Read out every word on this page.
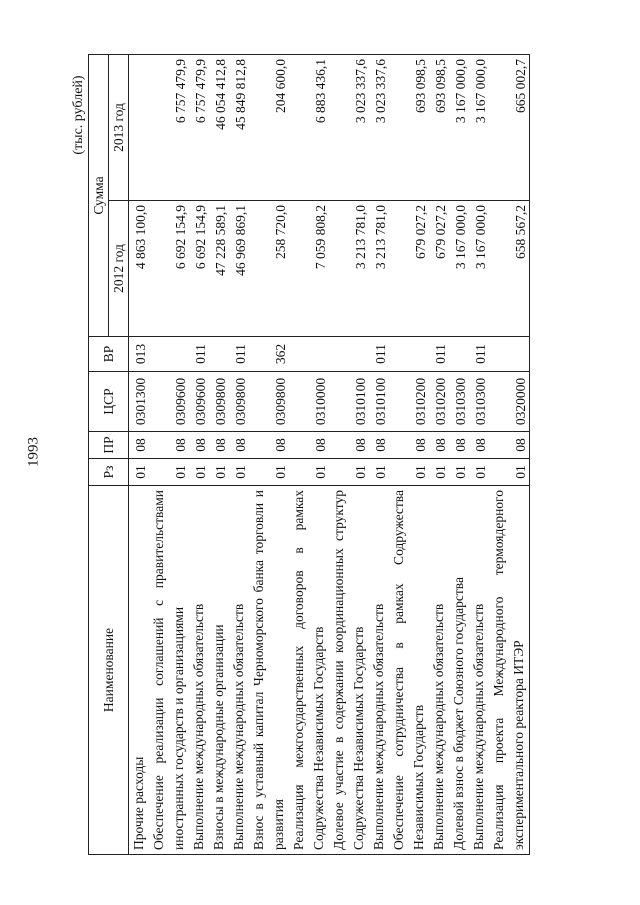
1993
(тыс. рублей)
Наименование	Рз	ПР	ЦСР	ВР	Сумма	
					2012 год	2013 год
Прочие расходы	01	08	0301300	013	4 863 100,0	
Обеспечение реализации соглашений с правительствами иностранных государств и организациями	01	08	0309600		6 692 154,9	6 757 479,9
Выполнение международных обязательств	01	08	0309600	011	6 692 154,9	6 757 479,9
Взносы в международные организации	01	08	0309800		47 228 589,1	46 054 412,8
Выполнение международных обязательств	01	08	0309800	011	46 969 869,1	45 849 812,8
Взнос в уставный капитал Черноморского банка торговли и развития	01	08	0309800	362	258 720,0	204 600,0
Реализация межгосударственных договоров в рамках Содружества Независимых Государств	01	08	0310000		7 059 808,2	6 883 436,1
Долевое участие в содержании координационных структур Содружества Независимых Государств	01	08	0310100		3 213 781,0	3 023 337,6
Выполнение международных обязательств	01	08	0310100	011	3 213 781,0	3 023 337,6
Обеспечение сотрудничества в рамках Содружества Независимых Государств	01	08	0310200		679 027,2	693 098,5
Выполнение международных обязательств	01	08	0310200	011	679 027,2	693 098,5
Долевой взнос в бюджет Союзного государства	01	08	0310300		3 167 000,0	3 167 000,0
Выполнение международных обязательств	01	08	0310300	011	3 167 000,0	3 167 000,0
Реализация проекта Международного термоядерного экспериментального реактора ИТЭР	01	08	0320000		658 567,2	665 002,7
